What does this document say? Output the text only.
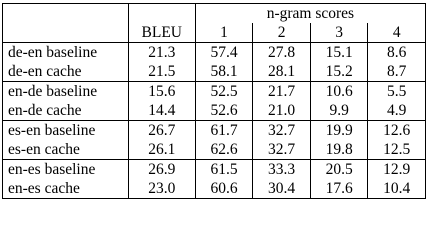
		n-gram scores			
	BLEU	1	2	3	4
de-en baseline	21.3	57.4	27.8	15.1	8.6
de-en cache	21.5	58.1	28.1	15.2	8.7
en-de baseline	15.6	52.5	21.7	10.6	5.5
en-de cache	14.4	52.6	21.0	9.9	4.9
es-en baseline	26.7	61.7	32.7	19.9	12.6
es-en cache	26.1	62.6	32.7	19.8	12.5
en-es baseline	26.9	61.5	33.3	20.5	12.9
en-es cache	23.0	60.6	30.4	17.6	10.4
